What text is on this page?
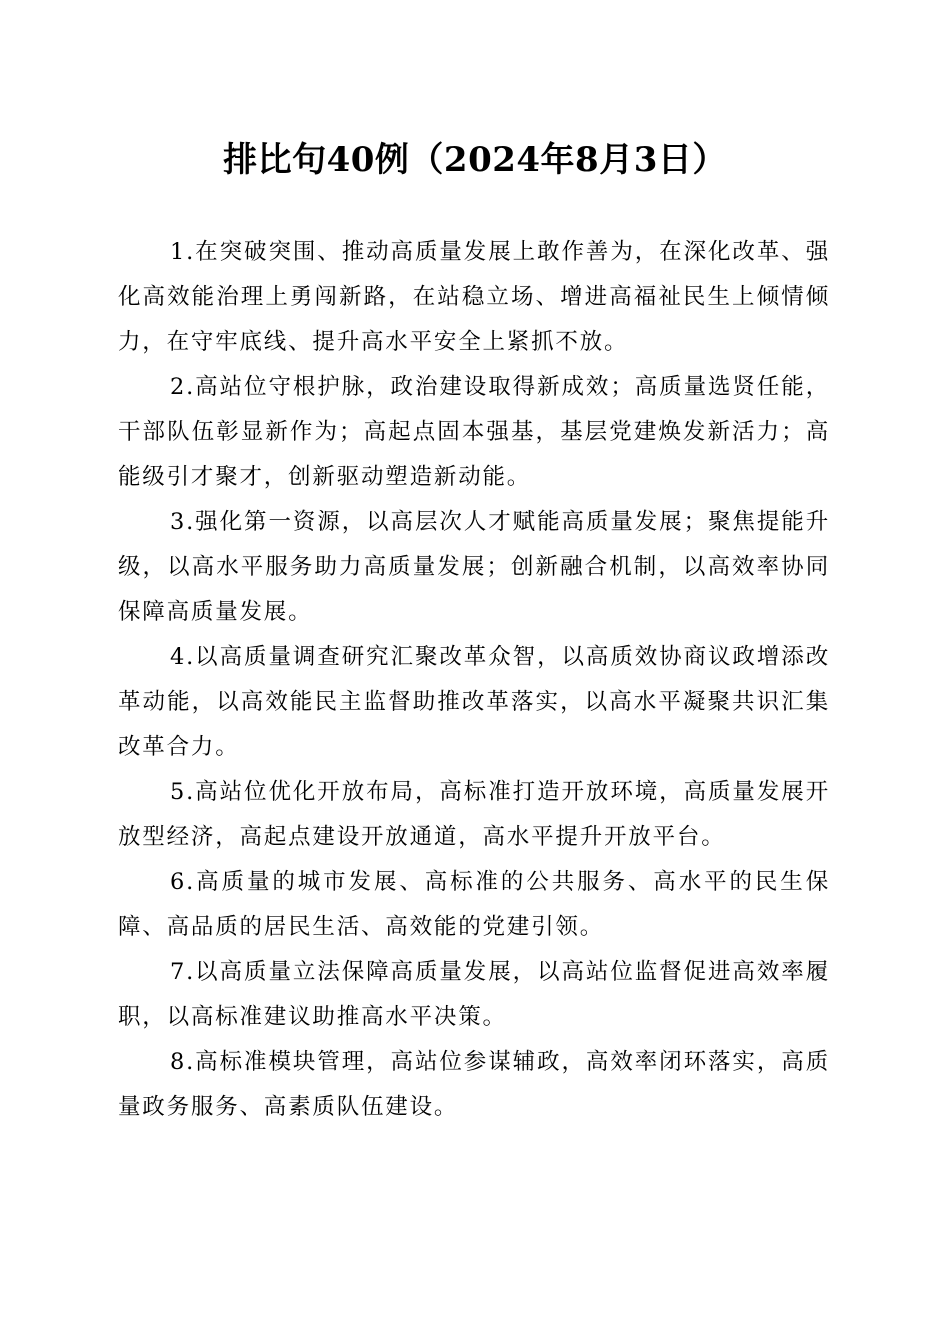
排比句40例（2024年8月3日）

1.在突破突围、推动高质量发展上敢作善为，在深化改革、强化高效能治理上勇闯新路，在站稳立场、增进高福祉民生上倾情倾力，在守牢底线、提升高水平安全上紧抓不放。

2.高站位守根护脉，政治建设取得新成效；高质量选贤任能，干部队伍彰显新作为；高起点固本强基，基层党建焕发新活力；高能级引才聚才，创新驱动塑造新动能。

3.强化第一资源，以高层次人才赋能高质量发展；聚焦提能升级，以高水平服务助力高质量发展；创新融合机制，以高效率协同保障高质量发展。

4.以高质量调查研究汇聚改革众智，以高质效协商议政增添改革动能，以高效能民主监督助推改革落实，以高水平凝聚共识汇集改革合力。

5.高站位优化开放布局，高标准打造开放环境，高质量发展开放型经济，高起点建设开放通道，高水平提升开放平台。

6.高质量的城市发展、高标准的公共服务、高水平的民生保障、高品质的居民生活、高效能的党建引领。

7.以高质量立法保障高质量发展，以高站位监督促进高效率履职，以高标准建议助推高水平决策。

8.高标准模块管理，高站位参谋辅政，高效率闭环落实，高质量政务服务、高素质队伍建设。
